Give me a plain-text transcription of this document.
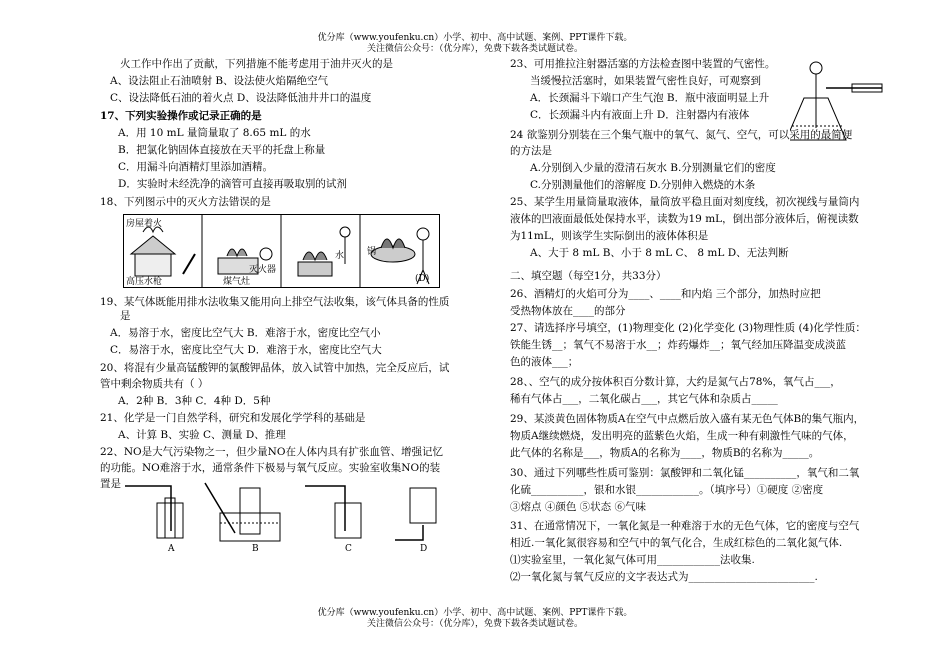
优分库（www.youfenku.cn）小学、初中、高中试题、案例、PPT课件下载。
关注微信公众号：（优分库），免费下载各类试题试卷。
火工作中作出了贡献，下列措施不能考虑用于油井灭火的是
A、设法阻止石油喷射 B、设法使火焰隔绝空气
C、设法降低石油的着火点 D、设法降低油井井口的温度
17、下列实验操作或记录正确的是
A．用 10 mL 量筒量取了 8.65 mL 的水
B．把氯化钠固体直接放在天平的托盘上称量
C．用漏斗向酒精灯里添加酒精。
D．实验时未经洗净的滴管可直接再吸取别的试剂
18、下列图示中的灭火方法错误的是
房屋着火
高压水枪	煤气灶
灭火器
水	锅
(D)
19、某气体既能用排水法收集又能用向上排空气法收集，该气体具备的性质
是
A．易溶于水，密度比空气大 B．难溶于水，密度比空气小
C．易溶于水，密度比空气大 D．难溶于水，密度比空气大
20、将混有少量高锰酸钾的氯酸钾晶体，放入试管中加热，完全反应后，试
管中剩余物质共有（ ）
A．2种 B．3种 C．4种 D．5种
21、化学是一门自然学科，研究和发展化学学科的基础是
A、计算 B、实验 C、测量 D、推理
22、NO是大气污染物之一，但少量NO在人体内具有扩张血管、增强记忆
的功能。NO难溶于水，通常条件下极易与氧气反应。实验室收集NO的装
置是
A	B	C	D
23、可用推拉注射器活塞的方法检查图中装置的气密性。
当缓慢拉活塞时，如果装置气密性良好，可观察到
A．长颈漏斗下端口产生气泡 B．瓶中液面明显上升
C．长颈漏斗内有液面上升 D．注射器内有液体
24 欲鉴别分别装在三个集气瓶中的氧气、氮气、空气，可以采用的最简便
的方法是
A.分别倒入少量的澄清石灰水 B.分别测量它们的密度
C.分别测量他们的溶解度 D.分别伸入燃烧的木条
25、某学生用量筒量取液体，量筒放平稳且面对刻度线，初次视线与量筒内
液体的凹液面最低处保持水平，读数为19 mL，倒出部分液体后，俯视读数
为11mL，则该学生实际倒出的液体体积是
A、大于 8 mL B、小于 8 mL C、 8 mL D、无法判断
二、填空题（每空1分，共33分）
26、酒精灯的火焰可分为____、____和内焰 三个部分，加热时应把
受热物体放在____的部分
27、请选择序号填空，(1)物理变化 (2)化学变化 (3)物理性质 (4)化学性质：
铁能生锈__；氧气不易溶于水__；炸药爆炸__；氧气经加压降温变成淡蓝
色的液体___；
28、、空气的成分按体积百分数计算，大约是氮气占78%，氧气占___，
稀有气体占___，二氧化碳占___，其它气体和杂质占_____
29、某淡黄色固体物质A在空气中点燃后放入盛有某无色气体B的集气瓶内，
物质A继续燃烧，发出明亮的蓝紫色火焰，生成一种有刺激性气味的气体，
此气体的名称是___，物质A的名称为____，物质B的名称为_____。
30、通过下列哪些性质可鉴别：氯酸钾和二氧化锰__________，氧气和二氧
化硫__________，银和水银____________。（填序号）①硬度 ②密度
③熔点 ④颜色 ⑤状态 ⑥气味
31、在通常情况下，一氧化氮是一种难溶于水的无色气体，它的密度与空气
相近.一氧化氮很容易和空气中的氧气化合，生成红棕色的二氧化氮气体.
⑴实验室里，一氧化氮气体可用____________法收集.
⑵一氧化氮与氧气反应的文字表达式为________________________.
优分库（www.youfenku.cn）小学、初中、高中试题、案例、PPT课件下载。
关注微信公众号：（优分库），免费下载各类试题试卷。
